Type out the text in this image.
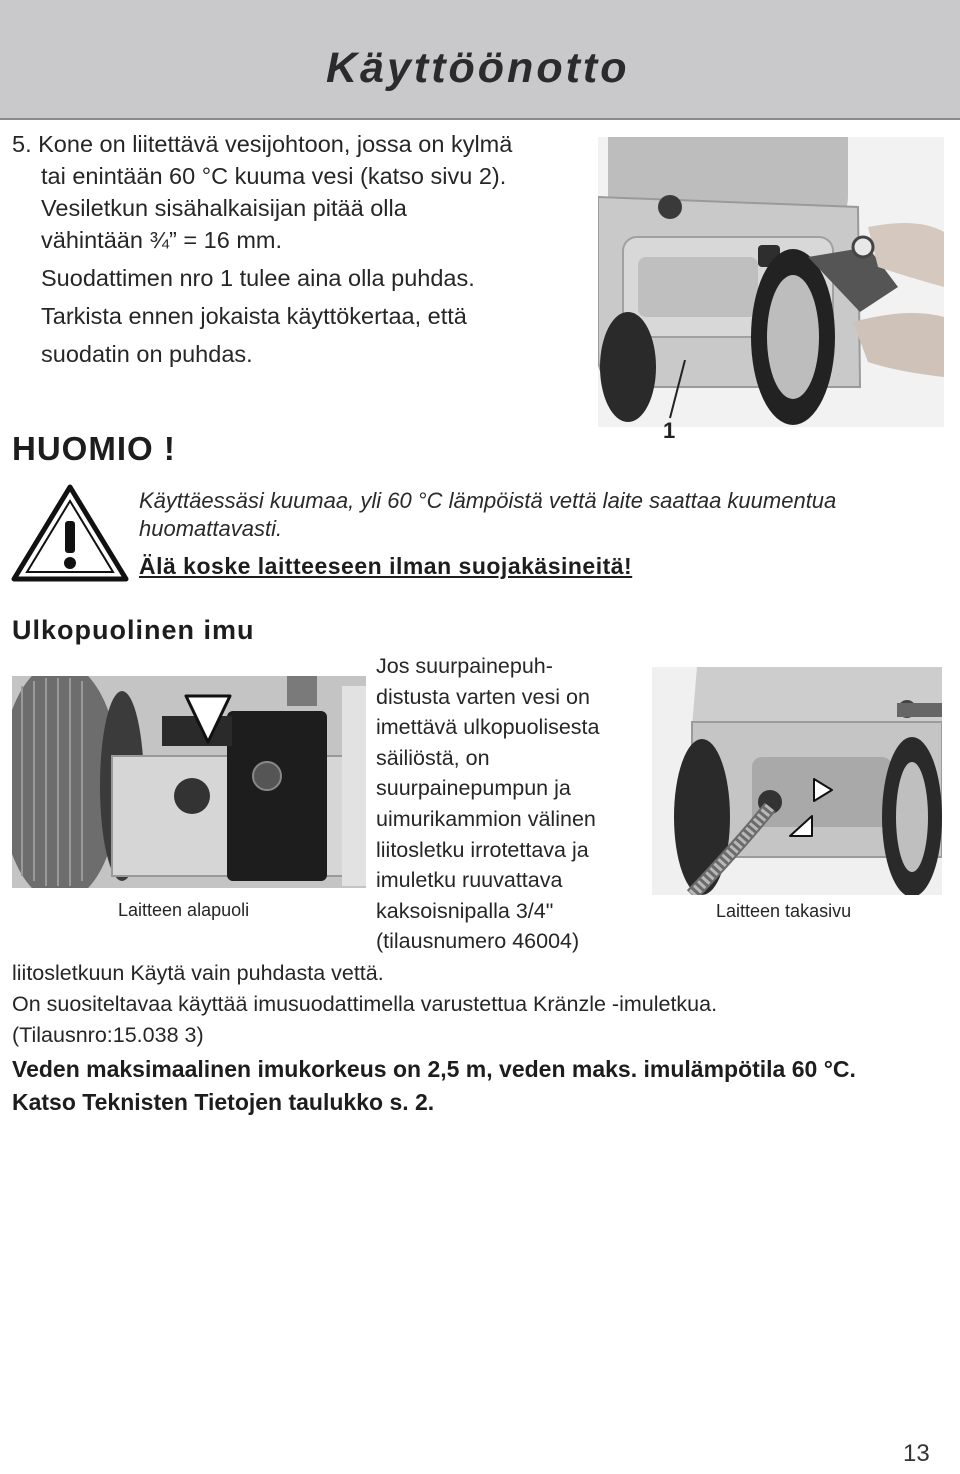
Käyttöönotto
5. Kone on liitettävä vesijohtoon, jossa on kylmä
tai enintään 60 °C kuuma vesi (katso sivu 2).
Vesiletkun sisähalkaisijan pitää olla
vähintään ¾” = 16 mm.
Suodattimen nro 1 tulee aina olla puhdas.
Tarkista ennen jokaista käyttökertaa, että
suodatin on puhdas.
1
HUOMIO !
Käyttäessäsi kuumaa, yli 60 °C lämpöistä vettä laite saattaa kuumentua
huomattavasti.
Älä koske laitteeseen ilman suojakäsineitä!
Ulkopuolinen imu
Laitteen alapuoli
Jos suurpainepuh-
distusta varten vesi on
imettävä ulkopuolisesta
säiliöstä, on
suurpainepumpun ja
uimurikammion välinen
liitosletku irrotettava ja
imuletku ruuvattava
kaksoisnipalla 3/4"
(tilausnumero 46004)
Laitteen takasivu
liitosletkuun Käytä vain puhdasta vettä.
On suositeltavaa käyttää imusuodattimella varustettua Kränzle -imuletkua.
(Tilausnro:15.038 3)
Veden maksimaalinen imukorkeus on 2,5 m, veden maks. imulämpötila 60 °C.
Katso Teknisten Tietojen taulukko s. 2.
13
